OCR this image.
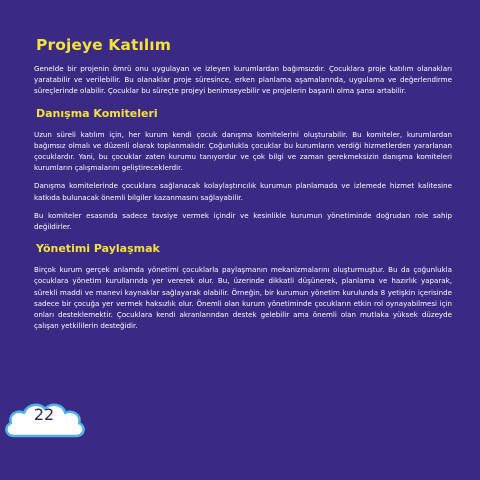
Projeye Katılım

Genelde bir projenin ömrü onu uygulayan ve izleyen kurumlardan bağımsızdır. Çocuklara proje katılım olanakları yaratabilir ve verilebilir. Bu olanaklar proje süresince, erken planlama aşamalarında, uygulama ve değerlendirme süreçlerinde olabilir. Çocuklar bu süreçte projeyi benimseyebilir ve projelerin başarılı olma şansı artabilir.

Danışma Komiteleri

Uzun süreli katılım için, her kurum kendi çocuk danışma komitelerini oluşturabilir. Bu komiteler, kurumlardan bağımsız olmalı ve düzenli olarak toplanmalıdır. Çoğunlukla çocuklar bu kurumların verdiği hizmetlerden yararlanan çocuklardır. Yani, bu çocuklar zaten kurumu tanıyordur ve çok bilgi ve zaman gerekmeksizin danışma komiteleri kurumların çalışmalarını geliştireceklerdir.

Danışma komitelerinde çocuklara sağlanacak kolaylaştırıcılık kurumun planlamada ve izlemede hizmet kalitesine katkıda bulunacak önemli bilgiler kazanmasını sağlayabilir.

Bu komiteler esasında sadece tavsiye vermek içindir ve kesinlikle kurumun yönetiminde doğrudan role sahip değildirler.

Yönetimi Paylaşmak

Birçok kurum gerçek anlamda yönetimi çocuklarla paylaşmanın mekanizmalarını oluşturmuştur. Bu da çoğunlukla çocuklara yönetim kurullarında yer vererek olur. Bu, üzerinde dikkatli düşünerek, planlama ve hazırlık yaparak, sürekli maddi ve manevi kaynaklar sağlayarak olabilir. Örneğin, bir kurumun yönetim kurulunda 8 yetişkin içerisinde sadece bir çocuğa yer vermek haksızlık olur. Önemli olan kurum yönetiminde çocukların etkin rol oynayabilmesi için onları desteklemektir. Çocuklara kendi akranlarından destek gelebilir ama önemli olan mutlaka yüksek düzeyde çalışan yetkililerin desteğidir.

22
